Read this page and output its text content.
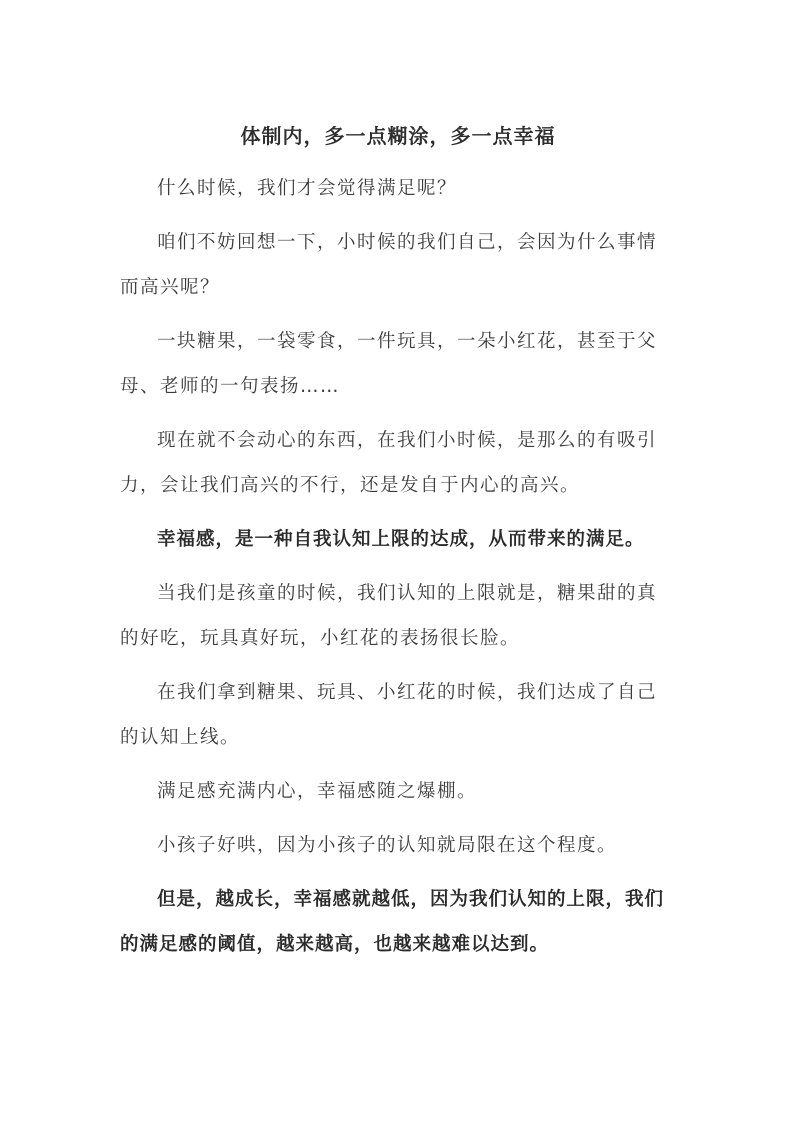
体制内，多一点糊涂，多一点幸福

什么时候，我们才会觉得满足呢？

咱们不妨回想一下，小时候的我们自己，会因为什么事情而高兴呢？

一块糖果，一袋零食，一件玩具，一朵小红花，甚至于父母、老师的一句表扬……

现在就不会动心的东西，在我们小时候，是那么的有吸引力，会让我们高兴的不行，还是发自于内心的高兴。

幸福感，是一种自我认知上限的达成，从而带来的满足。

当我们是孩童的时候，我们认知的上限就是，糖果甜的真的好吃，玩具真好玩，小红花的表扬很长脸。

在我们拿到糖果、玩具、小红花的时候，我们达成了自己的认知上线。

满足感充满内心，幸福感随之爆棚。

小孩子好哄，因为小孩子的认知就局限在这个程度。

但是，越成长，幸福感就越低，因为我们认知的上限，我们的满足感的阈值，越来越高，也越来越难以达到。
